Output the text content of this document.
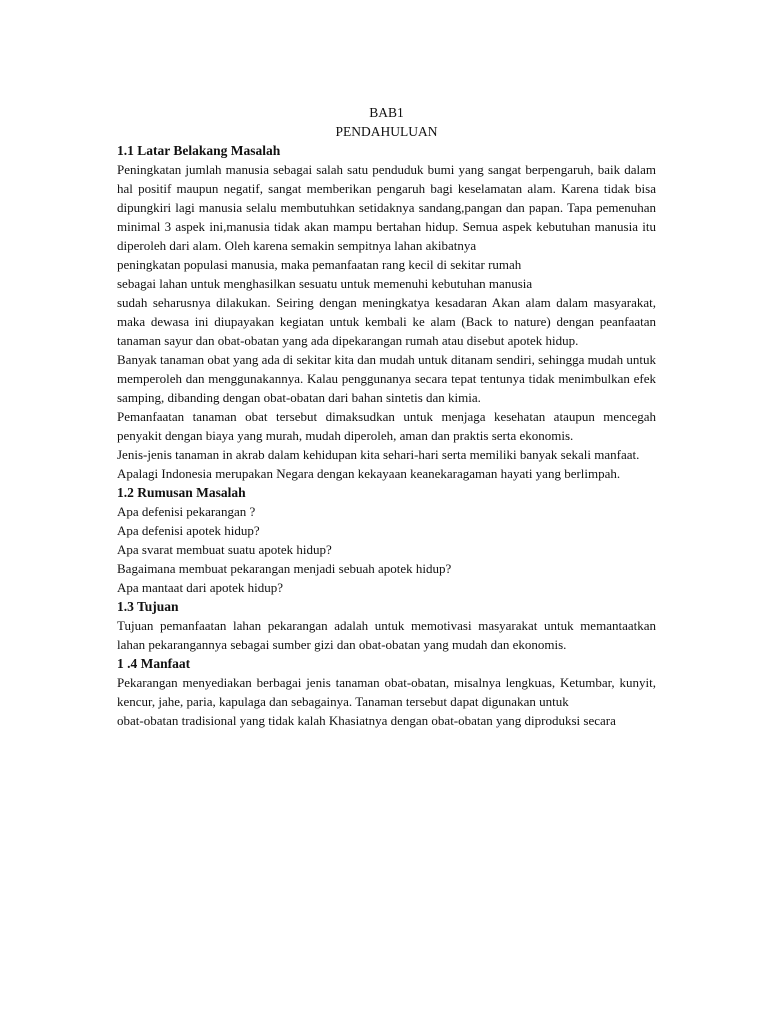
BAB1

PENDAHULUAN

1.1 Latar Belakang Masalah

Peningkatan jumlah manusia sebagai salah satu penduduk bumi yang sangat berpengaruh, baik dalam hal positif maupun negatif, sangat memberikan pengaruh bagi keselamatan alam. Karena tidak bisa dipungkiri lagi manusia selalu membutuhkan setidaknya sandang,pangan dan papan. Tapa pemenuhan minimal 3 aspek ini,manusia tidak akan mampu bertahan hidup. Semua aspek kebutuhan manusia itu diperoleh dari alam. Oleh karena semakin sempitnya lahan akibatnya

peningkatan populasi manusia, maka pemanfaatan rang kecil di sekitar rumah

sebagai lahan untuk menghasilkan sesuatu untuk memenuhi kebutuhan manusia

sudah seharusnya dilakukan. Seiring dengan meningkatya kesadaran Akan alam dalam masyarakat, maka dewasa ini diupayakan kegiatan untuk kembali ke alam (Back to nature) dengan peanfaatan tanaman sayur dan obat-obatan yang ada dipekarangan rumah atau disebut apotek hidup.

Banyak tanaman obat yang ada di sekitar kita dan mudah untuk ditanam sendiri, sehingga mudah untuk memperoleh dan menggunakannya. Kalau penggunanya secara tepat tentunya tidak menimbulkan efek samping, dibanding dengan obat-obatan dari bahan sintetis dan kimia.

Pemanfaatan tanaman obat tersebut dimaksudkan untuk menjaga kesehatan ataupun mencegah penyakit dengan biaya yang murah, mudah diperoleh, aman dan praktis serta ekonomis.

Jenis-jenis tanaman in akrab dalam kehidupan kita sehari-hari serta memiliki banyak sekali manfaat.

Apalagi Indonesia merupakan Negara dengan kekayaan keanekaragaman hayati yang berlimpah.

1.2 Rumusan Masalah

Apa defenisi pekarangan ?

Apa defenisi apotek hidup?

Apa svarat membuat suatu apotek hidup?

Bagaimana membuat pekarangan menjadi sebuah apotek hidup?

Apa mantaat dari apotek hidup?

1.3 Tujuan

Tujuan pemanfaatan lahan pekarangan adalah untuk memotivasi masyarakat untuk memantaatkan lahan pekarangannyа sebagai sumber gizi dan obat-obatan yang mudah dan ekonomis.

1 .4 Manfaat

Pekarangan menyediakan berbagai jenis tanaman obat-obatan, misalnya lengkuas, Ketumbar, kunyit, kencur, jahe, paria, kapulaga dan sebagainya. Tanaman tersebut dapat digunakan untuk

obat-obatan tradisional yang tidak kalah Khasiatnya dengan obat-obatan yang diproduksi secara
